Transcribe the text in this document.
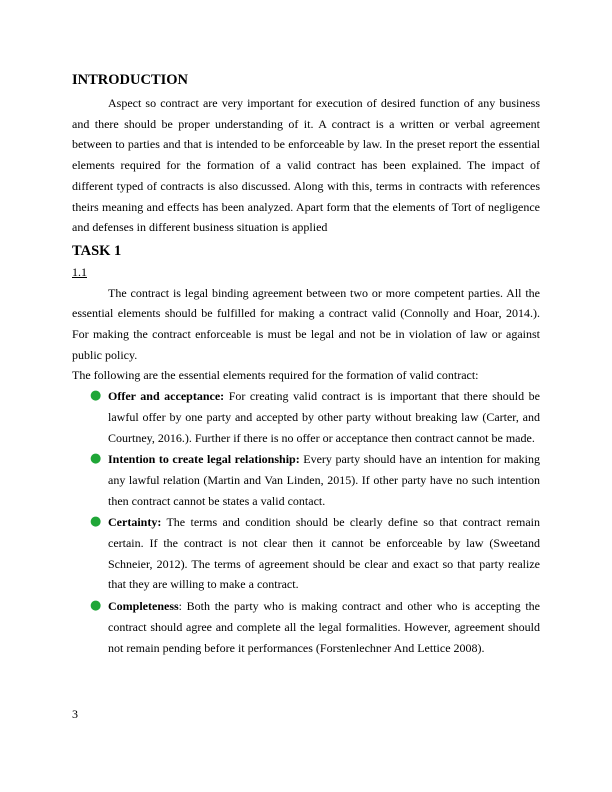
INTRODUCTION

Aspect so contract are very important for execution of desired function of any business and there should be proper understanding of it. A contract is a written or verbal agreement between to parties and that is intended to be enforceable by law. In the preset report the essential elements required for the formation of a valid contract has been explained. The impact of different typed of contracts is also discussed. Along with this, terms in contracts with references theirs meaning and effects has been analyzed. Apart form that the elements of Tort of negligence and defenses in different business situation is applied

TASK 1

1.1

The contract is legal binding agreement between two or more competent parties. All the essential elements should be fulfilled for making a contract valid (Connolly and Hoar, 2014.). For making the contract enforceable is must be legal and not be in violation of law or against public policy.

The following are the essential elements required for the formation of valid contract:

● Offer and acceptance: For creating valid contract is is important that there should be lawful offer by one party and accepted by other party without breaking law (Carter, and Courtney, 2016.). Further if there is no offer or acceptance then contract cannot be made.
● Intention to create legal relationship: Every party should have an intention for making any lawful relation (Martin and Van Linden, 2015). If other party have no such intention then contract cannot be states a valid contact.
● Certainty: The terms and condition should be clearly define so that contract remain certain. If the contract is not clear then it cannot be enforceable by law (Sweetand Schneier, 2012). The terms of agreement should be clear and exact so that party realize that they are willing to make a contract.
● Completeness: Both the party who is making contract and other who is accepting the contract should agree and complete all the legal formalities. However, agreement should not remain pending before it performances (Forstenlechner And Lettice 2008).
3
